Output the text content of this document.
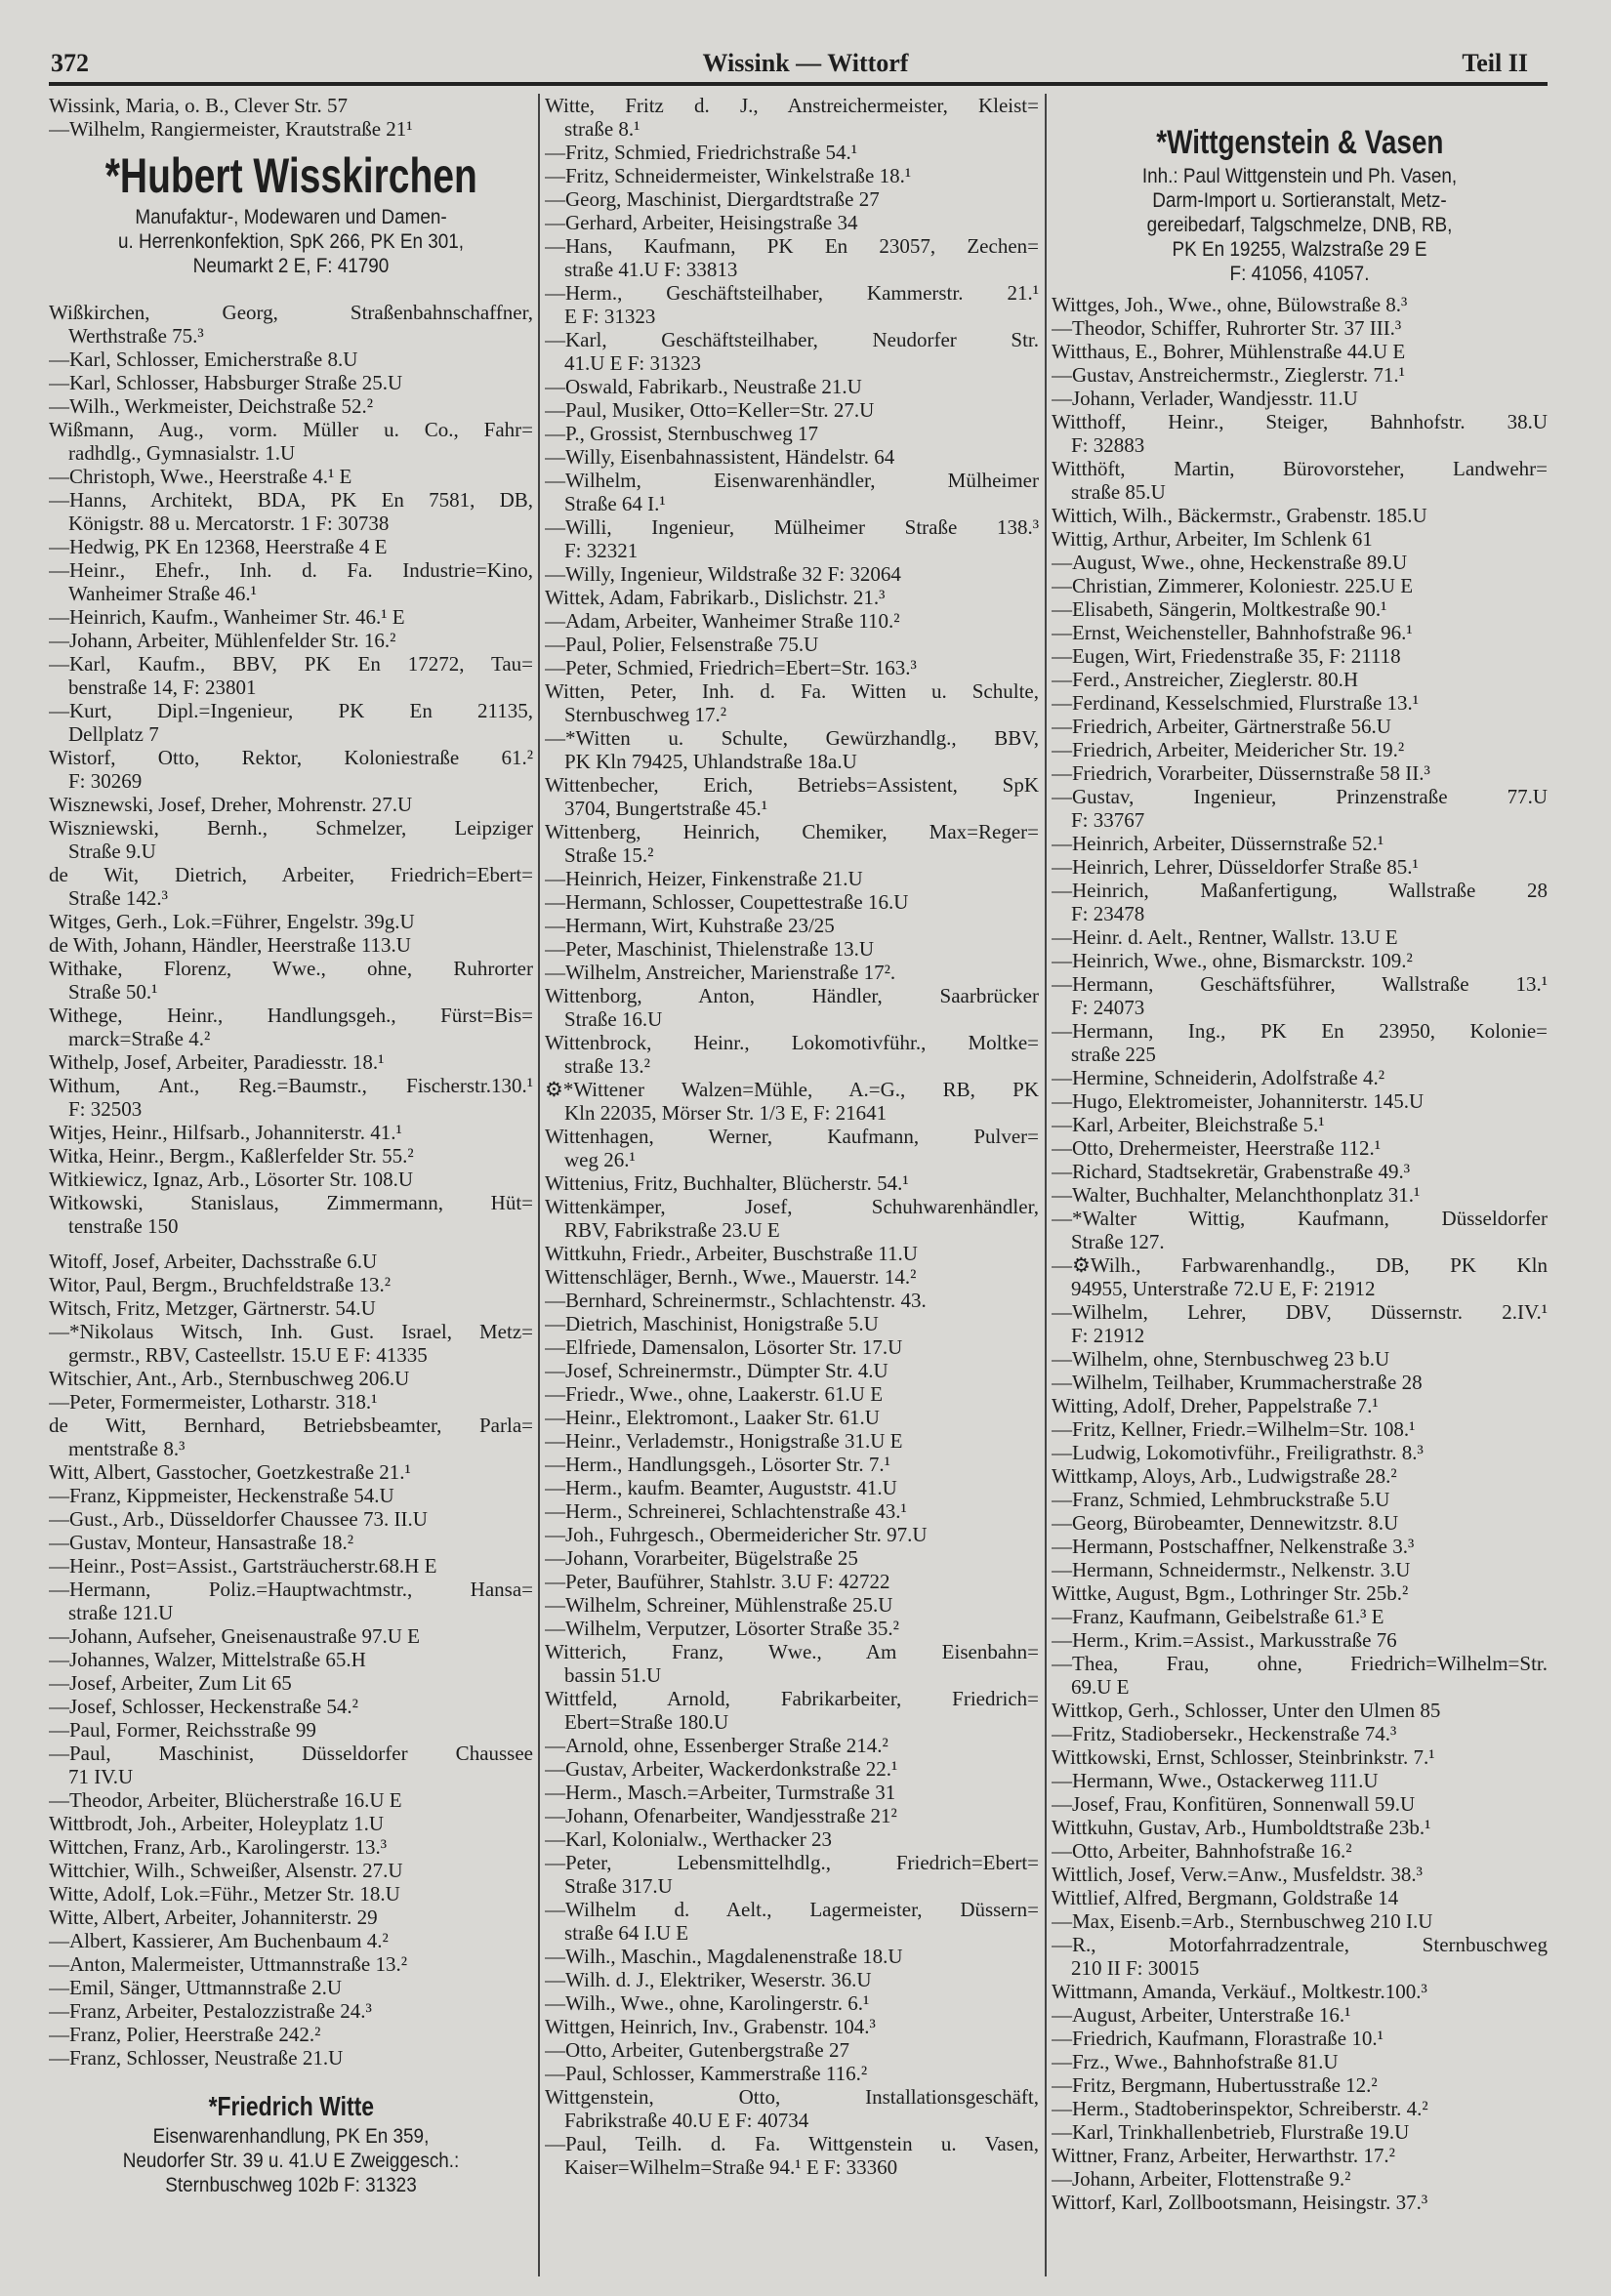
372	Wissink — Wittorf	Teil II
Wissink, Maria, o. B., Clever Str. 57
—Wilhelm, Rangiermeister, Krautstraße 21¹
*Hubert Wisskirchen
Manufaktur-, Modewaren und Damen-
u. Herrenkonfektion, SpK 266, PK En 301,
Neumarkt 2 E, F: 41790
Wißkirchen, Georg, Straßenbahnschaffner,
Werthstraße 75.³
—Karl, Schlosser, Emicherstraße 8.U
—Karl, Schlosser, Habsburger Straße 25.U
—Wilh., Werkmeister, Deichstraße 52.²
Wißmann, Aug., vorm. Müller u. Co., Fahr=
radhdlg., Gymnasialstr. 1.U
—Christoph, Wwe., Heerstraße 4.¹ E
—Hanns, Architekt, BDA, PK En 7581, DB,
Königstr. 88 u. Mercatorstr. 1 F: 30738
—Hedwig, PK En 12368, Heerstraße 4 E
—Heinr., Ehefr., Inh. d. Fa. Industrie=Kino,
Wanheimer Straße 46.¹
—Heinrich, Kaufm., Wanheimer Str. 46.¹ E
—Johann, Arbeiter, Mühlenfelder Str. 16.²
—Karl, Kaufm., BBV, PK En 17272, Tau=
benstraße 14, F: 23801
—Kurt, Dipl.=Ingenieur, PK En 21135,
Dellplatz 7
Wistorf, Otto, Rektor, Koloniestraße 61.²
F: 30269
Wisznewski, Josef, Dreher, Mohrenstr. 27.U
Wiszniewski, Bernh., Schmelzer, Leipziger
Straße 9.U
de Wit, Dietrich, Arbeiter, Friedrich=Ebert=
Straße 142.³
Witges, Gerh., Lok.=Führer, Engelstr. 39g.U
de With, Johann, Händler, Heerstraße 113.U
Withake, Florenz, Wwe., ohne, Ruhrorter
Straße 50.¹
Withege, Heinr., Handlungsgeh., Fürst=Bis=
marck=Straße 4.²
Withelp, Josef, Arbeiter, Paradiesstr. 18.¹
Withum, Ant., Reg.=Baumstr., Fischerstr.130.¹
F: 32503
Witjes, Heinr., Hilfsarb., Johanniterstr. 41.¹
Witka, Heinr., Bergm., Kaßlerfelder Str. 55.²
Witkiewicz, Ignaz, Arb., Lösorter Str. 108.U
Witkowski, Stanislaus, Zimmermann, Hüt=
tenstraße 150
Witoff, Josef, Arbeiter, Dachsstraße 6.U
Witor, Paul, Bergm., Bruchfeldstraße 13.²
Witsch, Fritz, Metzger, Gärtnerstr. 54.U
—*Nikolaus Witsch, Inh. Gust. Israel, Metz=
germstr., RBV, Casteellstr. 15.U E F: 41335
Witschier, Ant., Arb., Sternbuschweg 206.U
—Peter, Formermeister, Lotharstr. 318.¹
de Witt, Bernhard, Betriebsbeamter, Parla=
mentstraße 8.³
Witt, Albert, Gasstocher, Goetzkestraße 21.¹
—Franz, Kippmeister, Heckenstraße 54.U
—Gust., Arb., Düsseldorfer Chaussee 73. II.U
—Gustav, Monteur, Hansastraße 18.²
—Heinr., Post=Assist., Gartsträucherstr.68.H E
—Hermann, Poliz.=Hauptwachtmstr., Hansa=
straße 121.U
—Johann, Aufseher, Gneisenaustraße 97.U E
—Johannes, Walzer, Mittelstraße 65.H
—Josef, Arbeiter, Zum Lit 65
—Josef, Schlosser, Heckenstraße 54.²
—Paul, Former, Reichsstraße 99
—Paul, Maschinist, Düsseldorfer Chaussee
71 IV.U
—Theodor, Arbeiter, Blücherstraße 16.U E
Wittbrodt, Joh., Arbeiter, Holeyplatz 1.U
Wittchen, Franz, Arb., Karolingerstr. 13.³
Wittchier, Wilh., Schweißer, Alsenstr. 27.U
Witte, Adolf, Lok.=Führ., Metzer Str. 18.U
Witte, Albert, Arbeiter, Johanniterstr. 29
—Albert, Kassierer, Am Buchenbaum 4.²
—Anton, Malermeister, Uttmannstraße 13.²
—Emil, Sänger, Uttmannstraße 2.U
—Franz, Arbeiter, Pestalozzistraße 24.³
—Franz, Polier, Heerstraße 242.²
—Franz, Schlosser, Neustraße 21.U
*Friedrich Witte
Eisenwarenhandlung, PK En 359,
Neudorfer Str. 39 u. 41.U E Zweiggesch.:
Sternbuschweg 102b F: 31323
Witte, Fritz d. J., Anstreichermeister, Kleist=
straße 8.¹
—Fritz, Schmied, Friedrichstraße 54.¹
—Fritz, Schneidermeister, Winkelstraße 18.¹
—Georg, Maschinist, Diergardtstraße 27
—Gerhard, Arbeiter, Heisingstraße 34
—Hans, Kaufmann, PK En 23057, Zechen=
straße 41.U F: 33813
—Herm., Geschäftsteilhaber, Kammerstr. 21.¹
E F: 31323
—Karl, Geschäftsteilhaber, Neudorfer Str.
41.U E F: 31323
—Oswald, Fabrikarb., Neustraße 21.U
—Paul, Musiker, Otto=Keller=Str. 27.U
—P., Grossist, Sternbuschweg 17
—Willy, Eisenbahnassistent, Händelstr. 64
—Wilhelm, Eisenwarenhändler, Mülheimer
Straße 64 I.¹
—Willi, Ingenieur, Mülheimer Straße 138.³
F: 32321
—Willy, Ingenieur, Wildstraße 32 F: 32064
Wittek, Adam, Fabrikarb., Dislichstr. 21.³
—Adam, Arbeiter, Wanheimer Straße 110.²
—Paul, Polier, Felsenstraße 75.U
—Peter, Schmied, Friedrich=Ebert=Str. 163.³
Witten, Peter, Inh. d. Fa. Witten u. Schulte,
Sternbuschweg 17.²
—*Witten u. Schulte, Gewürzhandlg., BBV,
PK Kln 79425, Uhlandstraße 18a.U
Wittenbecher, Erich, Betriebs=Assistent, SpK
3704, Bungertstraße 45.¹
Wittenberg, Heinrich, Chemiker, Max=Reger=
Straße 15.²
—Heinrich, Heizer, Finkenstraße 21.U
—Hermann, Schlosser, Coupettestraße 16.U
—Hermann, Wirt, Kuhstraße 23/25
—Peter, Maschinist, Thielenstraße 13.U
—Wilhelm, Anstreicher, Marienstraße 17².
Wittenborg, Anton, Händler, Saarbrücker
Straße 16.U
Wittenbrock, Heinr., Lokomotivführ., Moltke=
straße 13.²
⚙*Wittener Walzen=Mühle, A.=G., RB, PK
Kln 22035, Mörser Str. 1/3 E, F: 21641
Wittenhagen, Werner, Kaufmann, Pulver=
weg 26.¹
Wittenius, Fritz, Buchhalter, Blücherstr. 54.¹
Wittenkämper, Josef, Schuhwarenhändler,
RBV, Fabrikstraße 23.U E
Wittkuhn, Friedr., Arbeiter, Buschstraße 11.U
Wittenschläger, Bernh., Wwe., Mauerstr. 14.²
—Bernhard, Schreinermstr., Schlachtenstr. 43.
—Dietrich, Maschinist, Honigstraße 5.U
—Elfriede, Damensalon, Lösorter Str. 17.U
—Josef, Schreinermstr., Dümpter Str. 4.U
—Friedr., Wwe., ohne, Laakerstr. 61.U E
—Heinr., Elektromont., Laaker Str. 61.U
—Heinr., Verlademstr., Honigstraße 31.U E
—Herm., Handlungsgeh., Lösorter Str. 7.¹
—Herm., kaufm. Beamter, Auguststr. 41.U
—Herm., Schreinerei, Schlachtenstraße 43.¹
—Joh., Fuhrgesch., Obermeidericher Str. 97.U
—Johann, Vorarbeiter, Bügelstraße 25
—Peter, Bauführer, Stahlstr. 3.U F: 42722
—Wilhelm, Schreiner, Mühlenstraße 25.U
—Wilhelm, Verputzer, Lösorter Straße 35.²
Witterich, Franz, Wwe., Am Eisenbahn=
bassin 51.U
Wittfeld, Arnold, Fabrikarbeiter, Friedrich=
Ebert=Straße 180.U
—Arnold, ohne, Essenberger Straße 214.²
—Gustav, Arbeiter, Wackerdonkstraße 22.¹
—Herm., Masch.=Arbeiter, Turmstraße 31
—Johann, Ofenarbeiter, Wandjesstraße 21²
—Karl, Kolonialw., Werthacker 23
—Peter, Lebensmittelhdlg., Friedrich=Ebert=
Straße 317.U
—Wilhelm d. Aelt., Lagermeister, Düssern=
straße 64 I.U E
—Wilh., Maschin., Magdalenenstraße 18.U
—Wilh. d. J., Elektriker, Weserstr. 36.U
—Wilh., Wwe., ohne, Karolingerstr. 6.¹
Wittgen, Heinrich, Inv., Grabenstr. 104.³
—Otto, Arbeiter, Gutenbergstraße 27
—Paul, Schlosser, Kammerstraße 116.²
Wittgenstein, Otto, Installationsgeschäft,
Fabrikstraße 40.U E F: 40734
—Paul, Teilh. d. Fa. Wittgenstein u. Vasen,
Kaiser=Wilhelm=Straße 94.¹ E F: 33360
*Wittgenstein & Vasen
Inh.: Paul Wittgenstein und Ph. Vasen,
Darm-Import u. Sortieranstalt, Metz-
gereibedarf, Talgschmelze, DNB, RB,
PK En 19255, Walzstraße 29 E
F: 41056, 41057.
Wittges, Joh., Wwe., ohne, Bülowstraße 8.³
—Theodor, Schiffer, Ruhrorter Str. 37 III.³
Witthaus, E., Bohrer, Mühlenstraße 44.U E
—Gustav, Anstreichermstr., Zieglerstr. 71.¹
—Johann, Verlader, Wandjesstr. 11.U
Witthoff, Heinr., Steiger, Bahnhofstr. 38.U
F: 32883
Witthöft, Martin, Bürovorsteher, Landwehr=
straße 85.U
Wittich, Wilh., Bäckermstr., Grabenstr. 185.U
Wittig, Arthur, Arbeiter, Im Schlenk 61
—August, Wwe., ohne, Heckenstraße 89.U
—Christian, Zimmerer, Koloniestr. 225.U E
—Elisabeth, Sängerin, Moltkestraße 90.¹
—Ernst, Weichensteller, Bahnhofstraße 96.¹
—Eugen, Wirt, Friedenstraße 35, F: 21118
—Ferd., Anstreicher, Zieglerstr. 80.H
—Ferdinand, Kesselschmied, Flurstraße 13.¹
—Friedrich, Arbeiter, Gärtnerstraße 56.U
—Friedrich, Arbeiter, Meidericher Str. 19.²
—Friedrich, Vorarbeiter, Düssernstraße 58 II.³
—Gustav, Ingenieur, Prinzenstraße 77.U
F: 33767
—Heinrich, Arbeiter, Düssernstraße 52.¹
—Heinrich, Lehrer, Düsseldorfer Straße 85.¹
—Heinrich, Maßanfertigung, Wallstraße 28
F: 23478
—Heinr. d. Aelt., Rentner, Wallstr. 13.U E
—Heinrich, Wwe., ohne, Bismarckstr. 109.²
—Hermann, Geschäftsführer, Wallstraße 13.¹
F: 24073
—Hermann, Ing., PK En 23950, Kolonie=
straße 225
—Hermine, Schneiderin, Adolfstraße 4.²
—Hugo, Elektromeister, Johanniterstr. 145.U
—Karl, Arbeiter, Bleichstraße 5.¹
—Otto, Drehermeister, Heerstraße 112.¹
—Richard, Stadtsekretär, Grabenstraße 49.³
—Walter, Buchhalter, Melanchthonplatz 31.¹
—*Walter Wittig, Kaufmann, Düsseldorfer
Straße 127.
—⚙Wilh., Farbwarenhandlg., DB, PK Kln
94955, Unterstraße 72.U E, F: 21912
—Wilhelm, Lehrer, DBV, Düssernstr. 2.IV.¹
F: 21912
—Wilhelm, ohne, Sternbuschweg 23 b.U
—Wilhelm, Teilhaber, Krummacherstraße 28
Witting, Adolf, Dreher, Pappelstraße 7.¹
—Fritz, Kellner, Friedr.=Wilhelm=Str. 108.¹
—Ludwig, Lokomotivführ., Freiligrathstr. 8.³
Wittkamp, Aloys, Arb., Ludwigstraße 28.²
—Franz, Schmied, Lehmbruckstraße 5.U
—Georg, Bürobeamter, Dennewitzstr. 8.U
—Hermann, Postschaffner, Nelkenstraße 3.³
—Hermann, Schneidermstr., Nelkenstr. 3.U
Wittke, August, Bgm., Lothringer Str. 25b.²
—Franz, Kaufmann, Geibelstraße 61.³ E
—Herm., Krim.=Assist., Markusstraße 76
—Thea, Frau, ohne, Friedrich=Wilhelm=Str.
69.U E
Wittkop, Gerh., Schlosser, Unter den Ulmen 85
—Fritz, Stadiobersekr., Heckenstraße 74.³
Wittkowski, Ernst, Schlosser, Steinbrinkstr. 7.¹
—Hermann, Wwe., Ostackerweg 111.U
—Josef, Frau, Konfitüren, Sonnenwall 59.U
Wittkuhn, Gustav, Arb., Humboldtstraße 23b.¹
—Otto, Arbeiter, Bahnhofstraße 16.²
Wittlich, Josef, Verw.=Anw., Musfeldstr. 38.³
Wittlief, Alfred, Bergmann, Goldstraße 14
—Max, Eisenb.=Arb., Sternbuschweg 210 I.U
—R., Motorfahrradzentrale, Sternbuschweg
210 II F: 30015
Wittmann, Amanda, Verkäuf., Moltkestr.100.³
—August, Arbeiter, Unterstraße 16.¹
—Friedrich, Kaufmann, Florastraße 10.¹
—Frz., Wwe., Bahnhofstraße 81.U
—Fritz, Bergmann, Hubertusstraße 12.²
—Herm., Stadtoberinspektor, Schreiberstr. 4.²
—Karl, Trinkhallenbetrieb, Flurstraße 19.U
Wittner, Franz, Arbeiter, Herwarthstr. 17.²
—Johann, Arbeiter, Flottenstraße 9.²
Wittorf, Karl, Zollbootsmann, Heisingstr. 37.³
